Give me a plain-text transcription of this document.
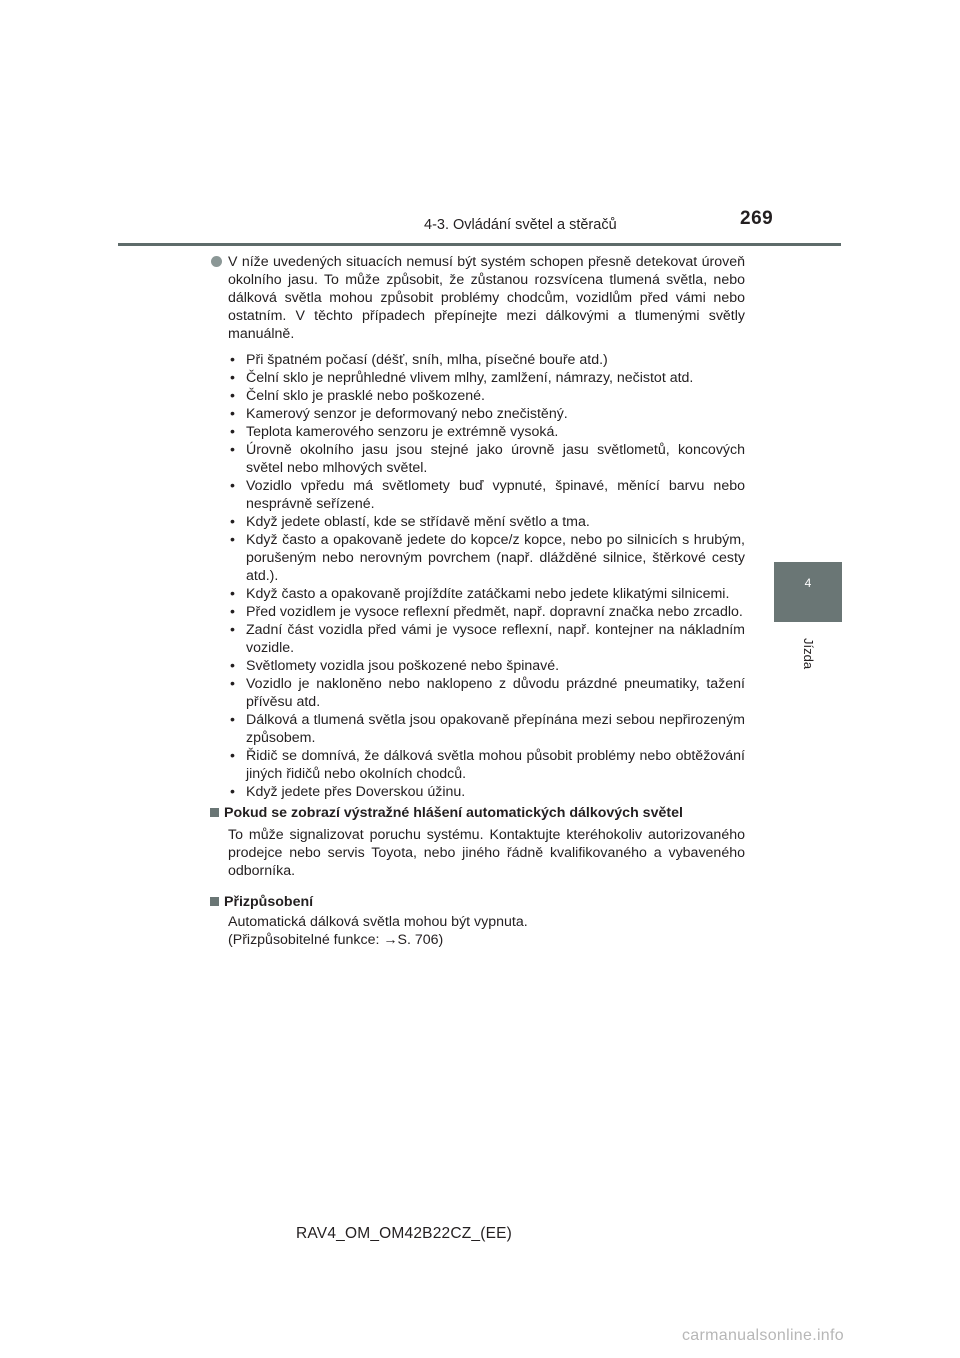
4-3. Ovládání světel a stěračů	269
4
Jízda
V níže uvedených situacích nemusí být systém schopen přesně detekovat úroveň okolního jasu. To může způsobit, že zůstanou rozsvícena tlumená světla, nebo dálková světla mohou způsobit problémy chodcům, vozidlům před vámi nebo ostatním. V těchto případech přepínejte mezi dálkovými a tlumenými světly manuálně.
• Při špatném počasí (déšť, sníh, mlha, písečné bouře atd.)
• Čelní sklo je neprůhledné vlivem mlhy, zamlžení, námrazy, nečistot atd.
• Čelní sklo je prasklé nebo poškozené.
• Kamerový senzor je deformovaný nebo znečistěný.
• Teplota kamerového senzoru je extrémně vysoká.
• Úrovně okolního jasu jsou stejné jako úrovně jasu světlometů, koncových světel nebo mlhových světel.
• Vozidlo vpředu má světlomety buď vypnuté, špinavé, měnící barvu nebo nesprávně seřízené.
• Když jedete oblastí, kde se střídavě mění světlo a tma.
• Když často a opakovaně jedete do kopce/z kopce, nebo po silnicích s hrubým, porušeným nebo nerovným povrchem (např. dlážděné silnice, štěrkové cesty atd.).
• Když často a opakovaně projíždíte zatáčkami nebo jedete klikatými silnicemi.
• Před vozidlem je vysoce reflexní předmět, např. dopravní značka nebo zrcadlo.
• Zadní část vozidla před vámi je vysoce reflexní, např. kontejner na nákladním vozidle.
• Světlomety vozidla jsou poškozené nebo špinavé.
• Vozidlo je nakloněno nebo naklopeno z důvodu prázdné pneumatiky, tažení přívěsu atd.
• Dálková a tlumená světla jsou opakovaně přepínána mezi sebou nepřirozeným způsobem.
• Řidič se domnívá, že dálková světla mohou působit problémy nebo obtěžování jiných řidičů nebo okolních chodců.
• Když jedete přes Doverskou úžinu.
Pokud se zobrazí výstražné hlášení automatických dálkových světel
To může signalizovat poruchu systému. Kontaktujte kteréhokoliv autorizovaného prodejce nebo servis Toyota, nebo jiného řádně kvalifikovaného a vybaveného odborníka.
Přizpůsobení
Automatická dálková světla mohou být vypnuta.
(Přizpůsobitelné funkce: →S. 706)
RAV4_OM_OM42B22CZ_(EE)
carmanualsonline.info
